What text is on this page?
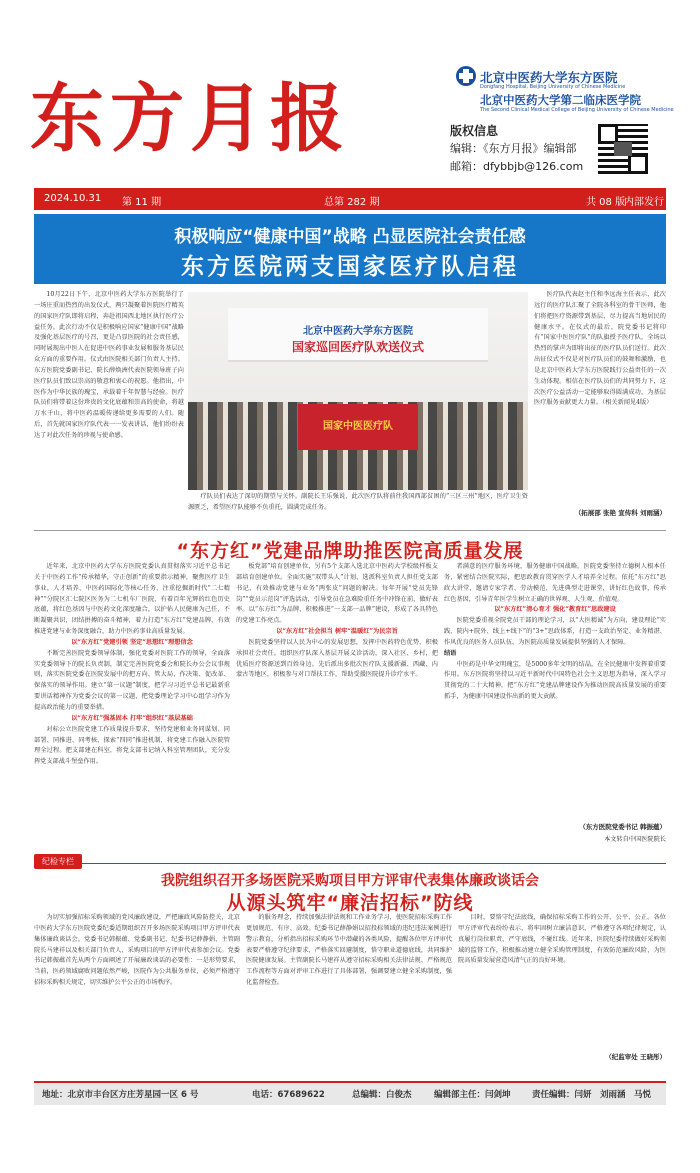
东方月报	北京中医药大学东方医院
Dongfang Hospital, Beijing University of Chinese Medicine
北京中医药大学第二临床医学院
The Second Clinical Medical College of Beijing University of Chinese Medicine
版权信息
编辑：《东方月报》编辑部
邮箱：dfybbjb@126.com
2024.10.31 第 11 期	总第 282 期	共 08 版
内部发行
积极响应“健康中国”战略 凸显医院社会责任感
东方医院两支国家医疗队启程

10月22日下午，北京中医药大学东方医院举行了一场庄重而热烈的出发仪式，两只凝聚着医院医疗精英的国家医疗队即将启程，奔赴祖国西北地区执行医疗公益任务。此次行动不仅是积极响应国家“健康中国”战略及强化基层医疗的号召，更是凸显医院的社会责任感，同时展现出中医人在促进中医药事业发展和服务基层民众方面的重要作用。仪式由医院相关部门负责人主持。东方医院党委副书记、院长薛焕洲代表医院领导班子向医疗队员们致以崇高的敬意和衷心的祝愿。他指出，中医作为中华民族的瑰宝，承载着千年智慧与经验。医疗队员们将带着这份珍贵的文化底蕴和崇高的使命，将越万水千山，将中医药温暖传递给更多需要的人们。随后，首先就国家医疗队代表一一发表讲话，他们纷纷表达了对此次任务的珍视与使命感。

北京中医药大学东方医院
国家巡回医疗队欢送仪式
国家中医医疗队

疗队员们表达了深切的期望与关怀。副院长王乐强说，此次医疗队将前往我国西部贫困的“三区三州”地区，医疗卫生资源匮乏，希望医疗队能够不负重托，圆满完成任务。

医疗队代表赵主任和李远海主任表示，此次远行的医疗队汇聚了全院各科室的骨干医师，他们将把医疗资源带到基层，尽力提高当地居民的健康水平。在仪式的最后，院党委书记将印有“国家中医医疗队”的队旗授予医疗队，全场以热烈的掌声为即将出征的医疗队员们送行。此次出征仪式不仅是对医疗队员们的鼓舞和激励，也是北京中医药大学东方医院践行公益责任的一次生动体现。相信在医疗队员们的共同努力下，这次医疗公益活动一定能够取得圆满成功，为基层医疗服务贡献更大力量。（相关新闻见4版）

（拓展部 张艳 宣传科 刘雨涵）
“东方红”党建品牌助推医院高质量发展

近年来，北京中医药大学东方医院党委认真贯彻落实习近平总书记关于中医药工作“传承精华，守正创新”的重要指示精神，聚焦医疗卫生事业，人才培养、中医药国际化等核心任务，注重挖掘新时代“二七精神”“分院区汇七院区医务为二七机车厂医院，有着百年光辉的红色历史底蕴，将红色基因与中医药文化深度融合，以护佑人民健康为己任，不断凝聚共识，团结拼搏的奋斗精神，着力打造“东方红”党建品牌，有效推进党建与业务深度融合，助力中医药事业高质量发展。

以“东方红”党建引领 坚定“思想红”理想信念

不断完善医院党委领导体制，强化党委对医院工作的领导，全面落实党委领导下的院长负责制，制定完善医院党委会和院长办公会议事规则，落实医院党委在医院发展中的把方向、管大局、作决策、促改革、保落实的领导作用。建立“第一议题”制度，把学习习近平总书记最新重要讲话精神作为党委会议的第一议题，把党委理论学习中心组学习作为提高政治能力的重要举措。

以“东方红”强基固本 打牢“组织红”基层基础

对标公立医院党建工作质量提升要求，坚持党建和业务同谋划、同部署、同推进、同考核，探索“四同”推进机制，将党建工作融入医院管理全过程。把支部建在科室，将党支部书记纳入科室管理团队，充分发挥党支部战斗堡垒作用。

板党部”培育创建单位，另有5个支部入选北京中医药大学校级样板支部培育创建单位。全面实施“双带头人”计划，选派科室负责人担任党支部书记，有效推动党建与业务“两张皮”问题的解决。每年开展“党员先锋岗”“党员示范岗”评选活动，引导党员在急难险重任务中冲锋在前，做好表率。以“东方红”为品牌，积极推进“一支部一品牌”建设，形成了各具特色的党建工作亮点。

以“东方红”社会担当 树牢“温暖红”为民宗旨

医院党委坚持以人民为中心的发展思想，发挥中医药特色优势，积极承担社会责任。组织医疗队深入基层开展义诊活动，深入社区、乡村，把优质医疗资源送到百姓身边。先后派出多批次医疗队支援新疆、西藏、内蒙古等地区，积极参与对口帮扶工作，帮助受援医院提升诊疗水平。

者满意的医疗服务环境，服务健康中国战略。医院党委坚持立德树人根本任务，紧密结合医院实际，把思政教育贯穿医学人才培养全过程。依托“东方红”思政大讲堂，邀请专家学者、劳动模范、先进典型走进课堂，讲好红色故事，传承红色基因，引导青年医学生树立正确的世界观、人生观、价值观。

以“东方红”清心育才 强化“教育红”思政建设

医院党委重视全院党员干部的理论学习，以“大医精诚”为方向，建设理论“实践、院内+院外、线上+线下”的“3+”思政体系，打造一支政治坚定、业务精湛、作风优良的医务人员队伍，为医院高质量发展提供坚强的人才保障。

结语

中医药是中华文明瑰宝，是5000多年文明的结晶，在全民健康中发挥着重要作用。东方医院将坚持以习近平新时代中国特色社会主义思想为指导，深入学习贯彻党的二十大精神，把“东方红”党建品牌建设作为推动医院高质量发展的重要抓手，为健康中国建设作出新的更大贡献。

（东方医院党委书记 韩振蕴）
本文转自中国医院院长
纪检专栏
我院组织召开多场医院采购项目甲方评审代表集体廉政谈话会
从源头筑牢“廉洁招标”防线

为切实加强招标采购领域的党风廉政建设，严把廉政风险防控关，北京中医药大学东方医院党委纪委适期组织召开多场医院采购项目甲方评审代表集体廉政谈话会。党委书记韩振蕴、党委副书记、纪委书记薛静娟、主管副院长马建祥以及相关部门负责人、采购项目的甲方评审代表参加会议。党委书记韩振蕴首先从两个方面阐述了开展廉政谈话的必要性：一是形势要求，当前，医药领域腐败问题依然严峻，医院作为公共服务单位，必须严格遵守招标采购相关规定，切实维护公平公正的市场秩序。

的服务理念，持续加强法律法规和工作业务学习，使医院招标采购工作更加规范、有序、高效。纪委书记薛静娟以招投标领域的违纪违法案例进行警示教育，分析指出招标采购环节中潜藏的各类风险，提醒各位甲方评审代表要严格遵守纪律要求，严格落实回避制度，恪守职业道德底线，共同维护医院健康发展。主管副院长马建祥从遵守招标采购相关法律法规、严格规范工作流程等方面对评审工作进行了具体部署，强调要建立健全采购制度，强化监督检查。

目时，要恪守纪法底线，确保招标采购工作的公开、公平、公正。各位甲方评审代表纷纷表示，将牢固树立廉洁意识，严格遵守各项纪律规定，认真履行岗位职责，严守底线，不碰红线。近年来，医院纪委持续做好采购领域的监督工作，积极推动建立健全采购管理制度，有效防范廉政风险，为医院高质量发展营造风清气正的良好环境。

（纪监审处 王晓彤）
地址：北京市丰台区方庄芳星园一区 6 号	电话：67689622	总编辑：白俊杰	编辑部主任：闫剑坤	责任编辑：闫妍　刘雨涵　马悦
